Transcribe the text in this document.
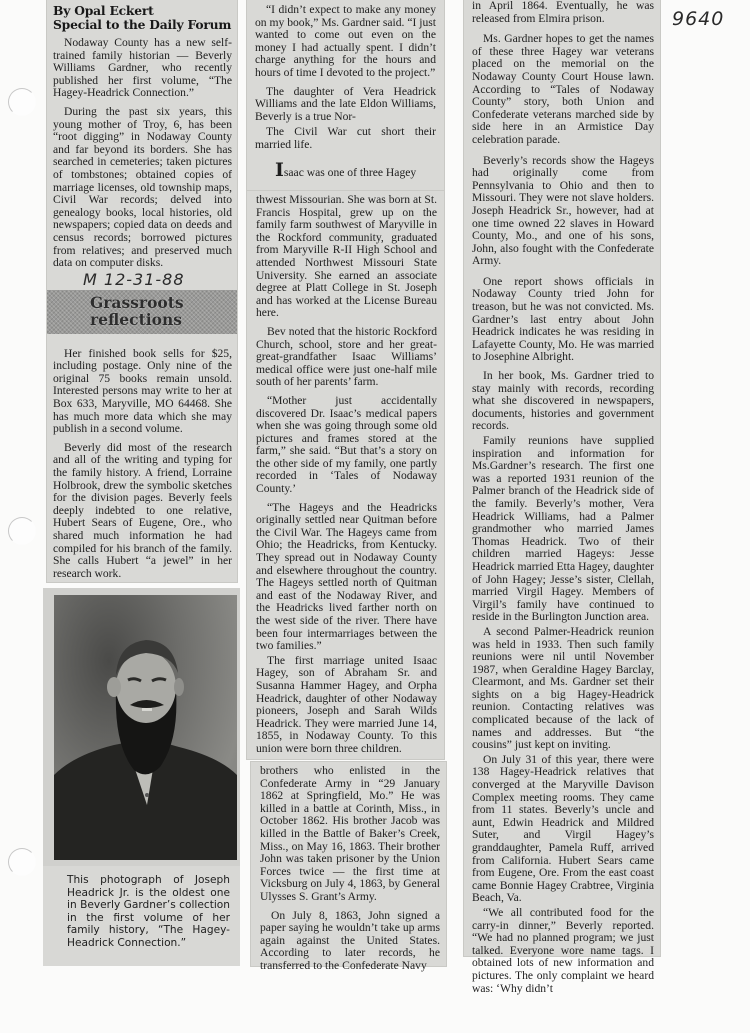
9640
By Opal Eckert
Special to the Daily Forum

Nodaway County has a new self-trained family historian — Beverly Williams Gardner, who recently published her first volume, “The Hagey-Headrick Connection.”

During the past six years, this young mother of Troy, 6, has been “root digging” in Nodaway County and far beyond its borders. She has searched in cemeteries; taken pictures of tombstones; obtained copies of marriage licenses, old township maps, Civil War records; delved into genealogy books, local histories, old newspapers; copied data on deeds and census records; borrowed pictures from relatives; and preserved much data on computer disks.

M 12-31-88
Grassroots
reflections

Her finished book sells for $25, including postage. Only nine of the original 75 books remain unsold. Interested persons may write to her at Box 633, Maryville, MO 64468. She has much more data which she may publish in a second volume.

Beverly did most of the research and all of the writing and typing for the family history. A friend, Lorraine Holbrook, drew the symbolic sketches for the division pages. Beverly feels deeply indebted to one relative, Hubert Sears of Eugene, Ore., who shared much information he had compiled for his branch of the family. She calls Hubert “a jewel” in her research work.

This photograph of Joseph Headrick Jr. is the oldest one in Beverly Gardner’s collection in the first volume of her family history, “The Hagey-Headrick Connection.”

“I didn’t expect to make any money on my book,” Ms. Gardner said. “I just wanted to come out even on the money I had actually spent. I didn’t charge anything for the hours and hours of time I devoted to the project.”

The daughter of Vera Headrick Williams and the late Eldon Williams, Beverly is a true Nor-

The Civil War cut short their married life.

Isaac was one of three Hagey

thwest Missourian. She was born at St. Francis Hospital, grew up on the family farm southwest of Maryville in the Rockford community, graduated from Maryville R-II High School and attended Northwest Missouri State University. She earned an associate degree at Platt College in St. Joseph and has worked at the License Bureau here.

Bev noted that the historic Rockford Church, school, store and her great-great-grandfather Isaac Williams’ medical office were just one-half mile south of her parents’ farm.

“Mother just accidentally discovered Dr. Isaac’s medical papers when she was going through some old pictures and frames stored at the farm,” she said. “But that’s a story on the other side of my family, one partly recorded in ‘Tales of Nodaway County.’

“The Hageys and the Headricks originally settled near Quitman before the Civil War. The Hageys came from Ohio; the Headricks, from Kentucky. They spread out in Nodaway County and elsewhere throughout the country. The Hageys settled north of Quitman and east of the Nodaway River, and the Headricks lived farther north on the west side of the river. There have been four intermarriages between the two families.”

The first marriage united Isaac Hagey, son of Abraham Sr. and Susanna Hammer Hagey, and Orpha Headrick, daughter of other Nodaway pioneers, Joseph and Sarah Wilds Headrick. They were married June 14, 1855, in Nodaway County. To this union were born three children.

brothers who enlisted in the Confederate Army in “29 January 1862 at Springfield, Mo.” He was killed in a battle at Corinth, Miss., in October 1862. His brother Jacob was killed in the Battle of Baker’s Creek, Miss., on May 16, 1863. Their brother John was taken prisoner by the Union Forces twice — the first time at Vicksburg on July 4, 1863, by General Ulysses S. Grant’s Army.

On July 8, 1863, John signed a paper saying he wouldn’t take up arms again against the United States. According to later records, he transferred to the Confederate Navy

in April 1864. Eventually, he was released from Elmira prison.

Ms. Gardner hopes to get the names of these three Hagey war veterans placed on the memorial on the Nodaway County Court House lawn. According to “Tales of Nodaway County” story, both Union and Confederate veterans marched side by side here in an Armistice Day celebration parade.

Beverly’s records show the Hageys had originally come from Pennsylvania to Ohio and then to Missouri. They were not slave holders. Joseph Headrick Sr., however, had at one time owned 22 slaves in Howard County, Mo., and one of his sons, John, also fought with the Confederate Army.

One report shows officials in Nodaway County tried John for treason, but he was not convicted. Ms. Gardner’s last entry about John Headrick indicates he was residing in Lafayette County, Mo. He was married to Josephine Albright.

In her book, Ms. Gardner tried to stay mainly with records, recording what she discovered in newspapers, documents, histories and government records.

Family reunions have supplied inspiration and information for Ms.Gardner’s research. The first one was a reported 1931 reunion of the Palmer branch of the Headrick side of the family. Beverly’s mother, Vera Headrick Williams, had a Palmer grandmother who married James Thomas Headrick. Two of their children married Hageys: Jesse Headrick married Etta Hagey, daughter of John Hagey; Jesse’s sister, Clellah, married Virgil Hagey. Members of Virgil’s family have continued to reside in the Burlington Junction area.

A second Palmer-Headrick reunion was held in 1933. Then such family reunions were nil until November 1987, when Geraldine Hagey Barclay, Clearmont, and Ms. Gardner set their sights on a big Hagey-Headrick reunion. Contacting relatives was complicated because of the lack of names and addresses. But “the cousins” just kept on inviting.

On July 31 of this year, there were 138 Hagey-Headrick relatives that converged at the Maryville Davison Complex meeting rooms. They came from 11 states. Beverly’s uncle and aunt, Edwin Headrick and Mildred Suter, and Virgil Hagey’s granddaughter, Pamela Ruff, arrived from California. Hubert Sears came from Eugene, Ore. From the east coast came Bonnie Hagey Crabtree, Virginia Beach, Va.

“We all contributed food for the carry-in dinner,” Beverly reported. “We had no planned program; we just talked. Everyone wore name tags. I obtained lots of new information and pictures. The only complaint we heard was: ‘Why didn’t
